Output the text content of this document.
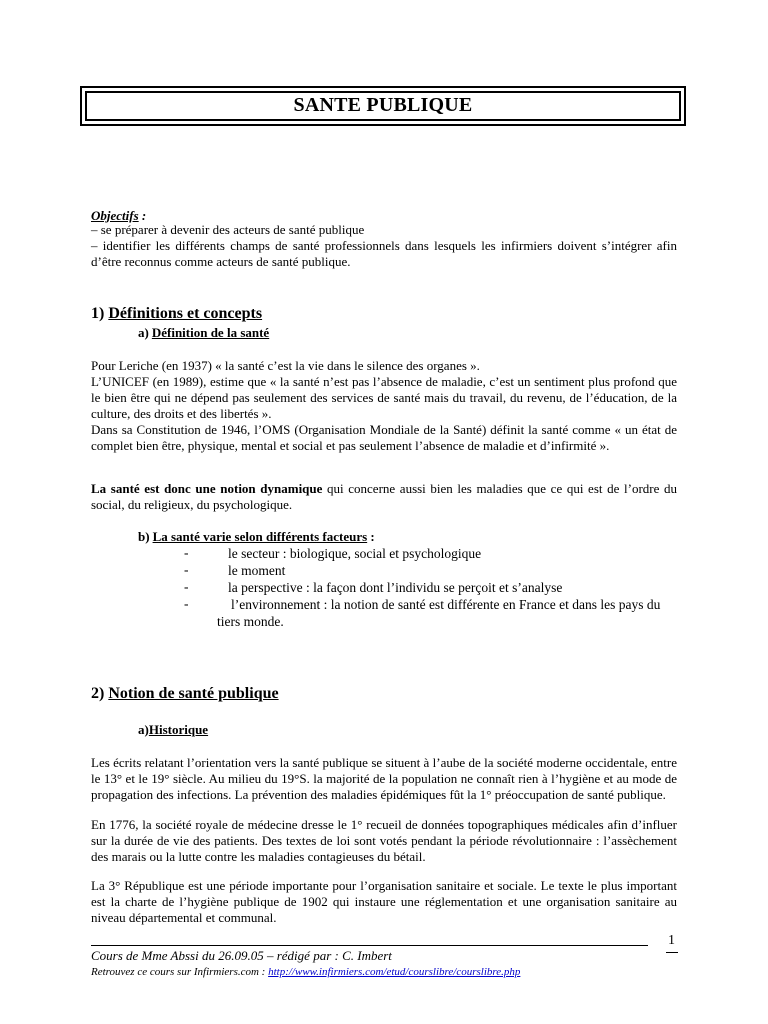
SANTE PUBLIQUE
Objectifs :
– se préparer à devenir des acteurs de santé publique
– identifier les différents champs de santé professionnels dans lesquels les infirmiers doivent s’intégrer afin d’être reconnus comme acteurs de santé publique.
1) Définitions et concepts
a) Définition de la santé
Pour Leriche (en 1937) « la santé c’est la vie dans le silence des organes ».
L’UNICEF (en 1989), estime que « la santé n’est pas l’absence de maladie, c’est un sentiment plus profond que le bien être qui ne dépend pas seulement des services de santé mais du travail, du revenu, de l’éducation, de la culture, des droits et des libertés ».
Dans sa Constitution de 1946, l’OMS (Organisation Mondiale de la Santé) définit la santé comme « un état de complet bien être, physique, mental et social et pas seulement l’absence de maladie et d’infirmité ».
La santé est donc une notion dynamique qui concerne aussi bien les maladies que ce qui est de l’ordre du social, du religieux, du psychologique.
b) La santé varie selon différents facteurs :
-	le secteur : biologique, social et psychologique
-	le moment
-	la perspective : la façon dont l’individu se perçoit et s’analyse
-	l’environnement : la notion de santé est différente en France et dans les pays du tiers monde.
2) Notion de santé publique
a)Historique
Les écrits relatant l’orientation vers la santé publique se situent à l’aube de la société moderne occidentale, entre le 13° et le 19° siècle. Au milieu du 19°S. la majorité de la population ne connaît rien à l’hygiène et au mode de propagation des infections. La prévention des maladies épidémiques fût la 1° préoccupation de santé publique.
En 1776, la société royale de médecine dresse le 1° recueil de données topographiques médicales afin d’influer sur la durée de vie des patients. Des textes de loi sont votés pendant la période révolutionnaire : l’assèchement des marais ou la lutte contre les maladies contagieuses du bétail.
La 3° République est une période importante pour l’organisation sanitaire et sociale. Le texte le plus important est la charte de l’hygiène publique de 1902 qui instaure une réglementation et une organisation sanitaire au niveau départemental et communal.
1
Cours de Mme Abssi du 26.09.05 – rédigé par : C. Imbert
Retrouvez ce cours sur Infirmiers.com : http://www.infirmiers.com/etud/courslibre/courslibre.php
